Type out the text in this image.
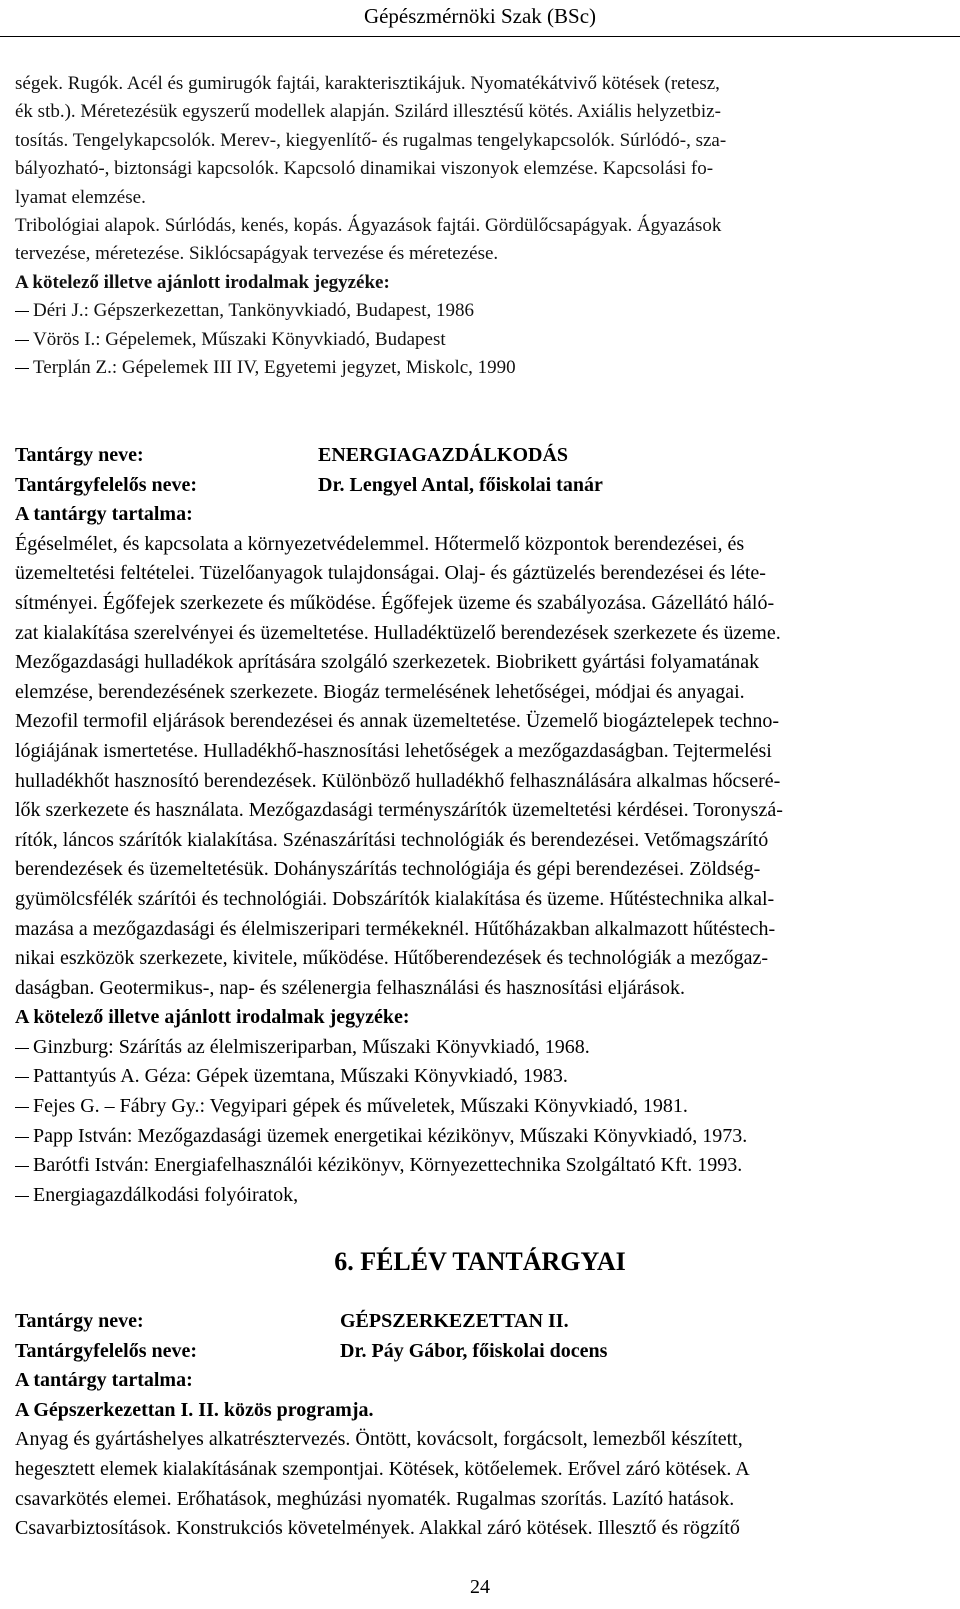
Gépészmérnöki Szak (BSc)

ségek. Rugók. Acél és gumirugók fajtái, karakterisztikájuk. Nyomatékátvivő kötések (retesz,

ék stb.). Méretezésük egyszerű modellek alapján. Szilárd illesztésű kötés. Axiális helyzetbiz-

tosítás. Tengelykapcsolók. Merev-, kiegyenlítő- és rugalmas tengelykapcsolók. Súrlódó-, sza-

bályozható-, biztonsági kapcsolók. Kapcsoló dinamikai viszonyok elemzése. Kapcsolási fo-

lyamat elemzése.

Tribológiai alapok. Súrlódás, kenés, kopás. Ágyazások fajtái. Gördülőcsapágyak. Ágyazások

tervezése, méretezése. Siklócsapágyak tervezése és méretezése.

A kötelező illetve ajánlott irodalmak jegyzéke:
Déri J.: Gépszerkezettan, Tankönyvkiadó, Budapest, 1986
Vörös I.: Gépelemek, Műszaki Könyvkiadó, Budapest
Terplán Z.: Gépelemek III IV, Egyetemi jegyzet, Miskolc, 1990
Tantárgy neve:	ENERGIAGAZDÁLKODÁS
Tantárgyfelelős neve:	Dr. Lengyel Antal, főiskolai tanár
A tantárgy tartalma:

Égéselmélet, és kapcsolata a környezetvédelemmel. Hőtermelő központok berendezései, és

üzemeltetési feltételei. Tüzelőanyagok tulajdonságai. Olaj- és gáztüzelés berendezései és léte-

sítményei. Égőfejek szerkezete és működése. Égőfejek üzeme és szabályozása. Gázellátó háló-

zat kialakítása szerelvényei és üzemeltetése. Hulladéktüzelő berendezések szerkezete és üzeme.

Mezőgazdasági hulladékok aprítására szolgáló szerkezetek. Biobrikett gyártási folyamatának

elemzése, berendezésének szerkezete. Biogáz termelésének lehetőségei, módjai és anyagai.

Mezofil termofil eljárások berendezései és annak üzemeltetése. Üzemelő biogáztelepek techno-

lógiájának ismertetése. Hulladékhő-hasznosítási lehetőségek a mezőgazdaságban. Tejtermelési

hulladékhőt hasznosító berendezések. Különböző hulladékhő felhasználására alkalmas hőcseré-

lők szerkezete és használata. Mezőgazdasági terményszárítók üzemeltetési kérdései. Toronyszá-

rítók, láncos szárítók kialakítása. Szénaszárítási technológiák és berendezései. Vetőmagszárító

berendezések és üzemeltetésük. Dohányszárítás technológiája és gépi berendezései. Zöldség-

gyümölcsfélék szárítói és technológiái. Dobszárítók kialakítása és üzeme. Hűtéstechnika alkal-

mazása a mezőgazdasági és élelmiszeripari termékeknél. Hűtőházakban alkalmazott hűtéstech-

nikai eszközök szerkezete, kivitele, működése. Hűtőberendezések és technológiák a mezőgaz-

daságban. Geotermikus-, nap- és szélenergia felhasználási és hasznosítási eljárások.

A kötelező illetve ajánlott irodalmak jegyzéke:
Ginzburg: Szárítás az élelmiszeriparban, Műszaki Könyvkiadó, 1968.
Pattantyús A. Géza: Gépek üzemtana, Műszaki Könyvkiadó, 1983.
Fejes G. – Fábry Gy.: Vegyipari gépek és műveletek, Műszaki Könyvkiadó, 1981.
Papp István: Mezőgazdasági üzemek energetikai kézikönyv, Műszaki Könyvkiadó, 1973.
Barótfi István: Energiafelhasználói kézikönyv, Környezettechnika Szolgáltató Kft. 1993.
Energiagazdálkodási folyóiratok,
6. FÉLÉV TANTÁRGYAI
Tantárgy neve:	GÉPSZERKEZETTAN II.
Tantárgyfelelős neve:	Dr. Páy Gábor, főiskolai docens
A tantárgy tartalma:
A Gépszerkezettan I. II. közös programja.

Anyag és gyártáshelyes alkatrésztervezés. Öntött, kovácsolt, forgácsolt, lemezből készített,

hegesztett elemek kialakításának szempontjai. Kötések, kötőelemek. Erővel záró kötések. A

csavarkötés elemei. Erőhatások, meghúzási nyomaték. Rugalmas szorítás. Lazító hatások.

Csavarbiztosítások. Konstrukciós követelmények. Alakkal záró kötések. Illesztő és rögzítő

24
